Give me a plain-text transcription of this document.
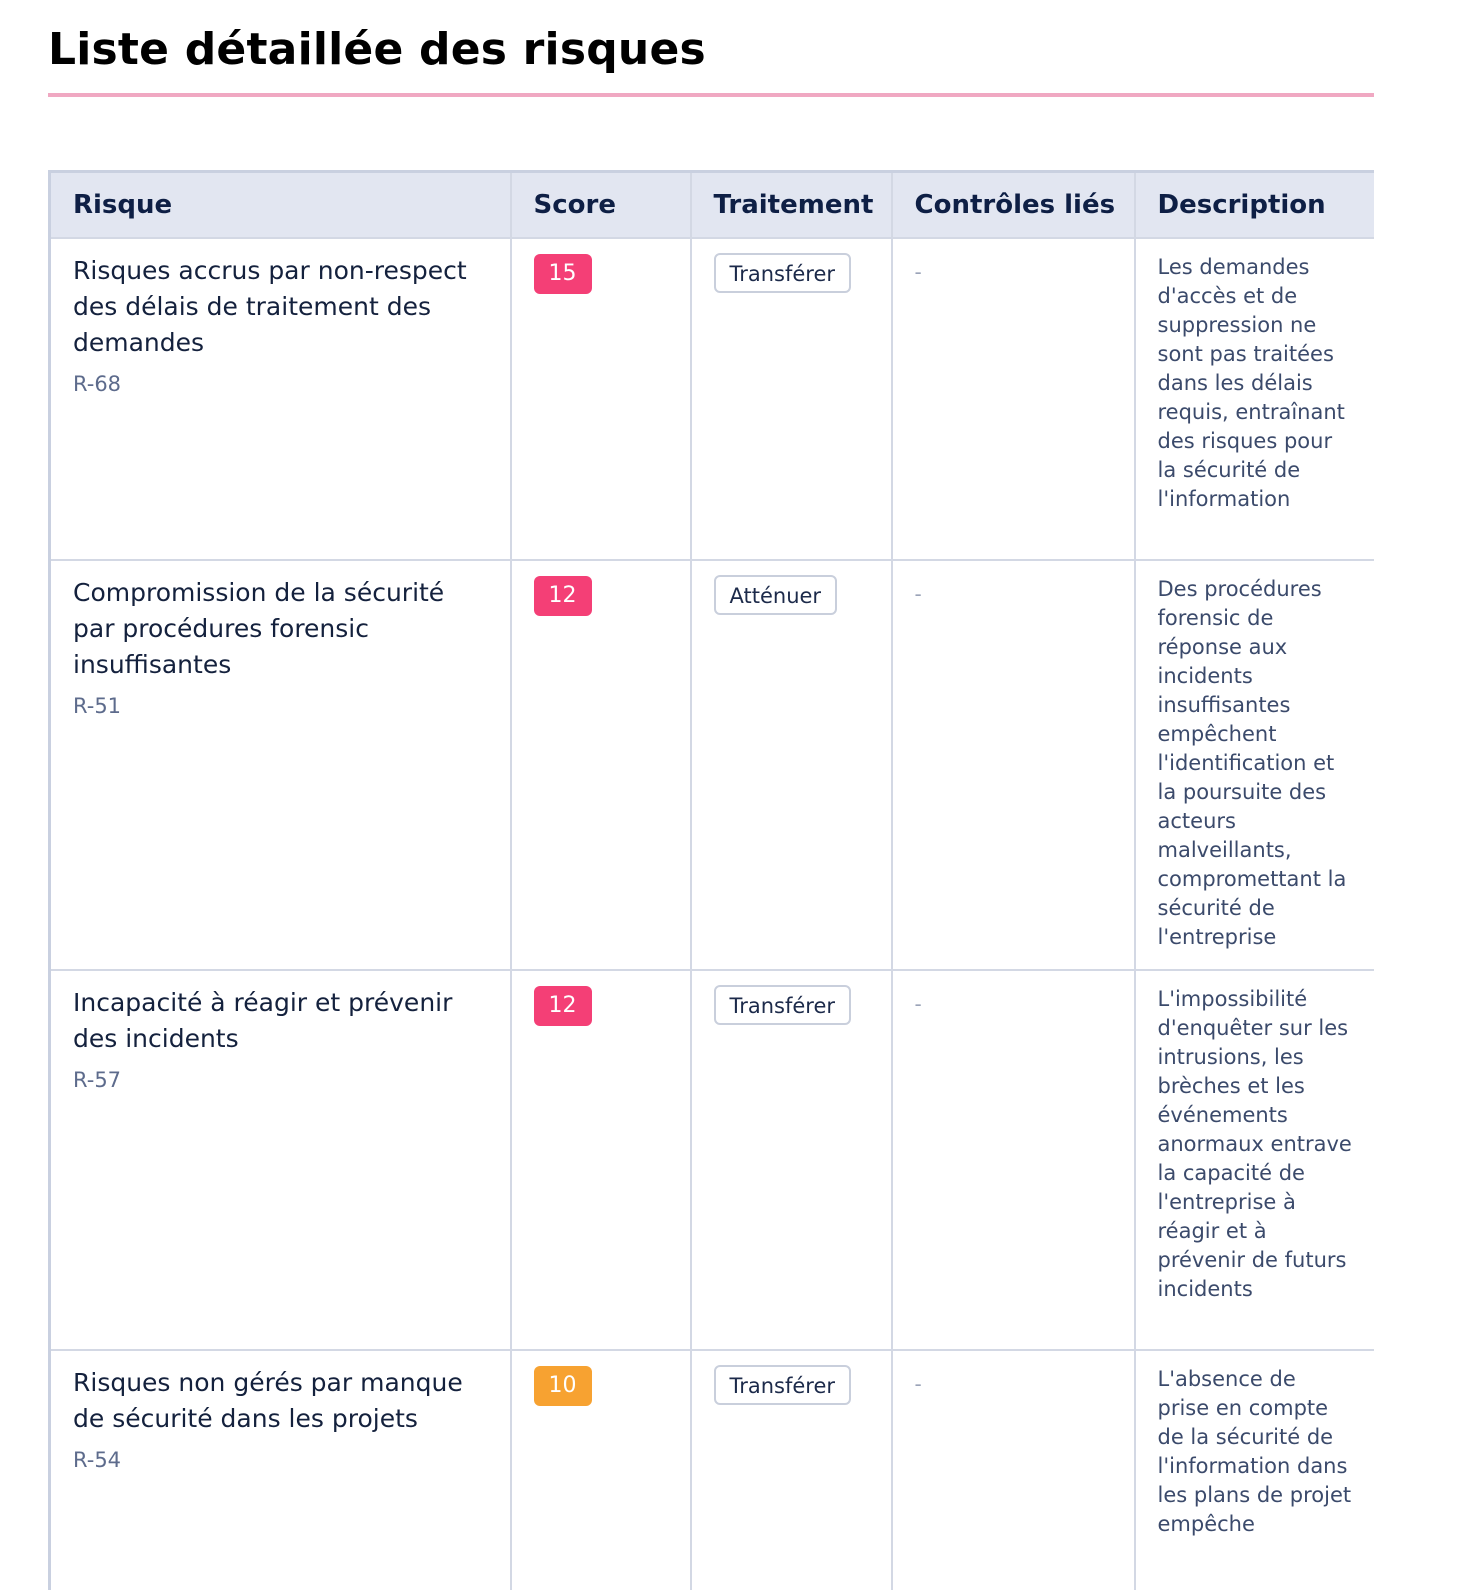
Liste détaillée des risques
Risque	Score	Traitement	Contrôles liés	Description

Risques accrus par non-respect des délais de traitement des demandes
R-68	15	Transférer	-	Les demandes d'accès et de suppression ne sont pas traitées dans les délais requis, entraînant des risques pour la sécurité de l'information

Compromission de la sécurité par procédures forensic insuffisantes
R-51	12	Atténuer	-	Des procédures forensic de réponse aux incidents insuffisantes empêchent l'identification et la poursuite des acteurs malveillants, compromettant la sécurité de l'entreprise

Incapacité à réagir et prévenir des incidents
R-57	12	Transférer	-	L'impossibilité d'enquêter sur les intrusions, les brèches et les événements anormaux entrave la capacité de l'entreprise à réagir et à prévenir de futurs incidents

Risques non gérés par manque de sécurité dans les projets
R-54	10	Transférer	-	L'absence de prise en compte de la sécurité de l'information dans les plans de projet empêche
